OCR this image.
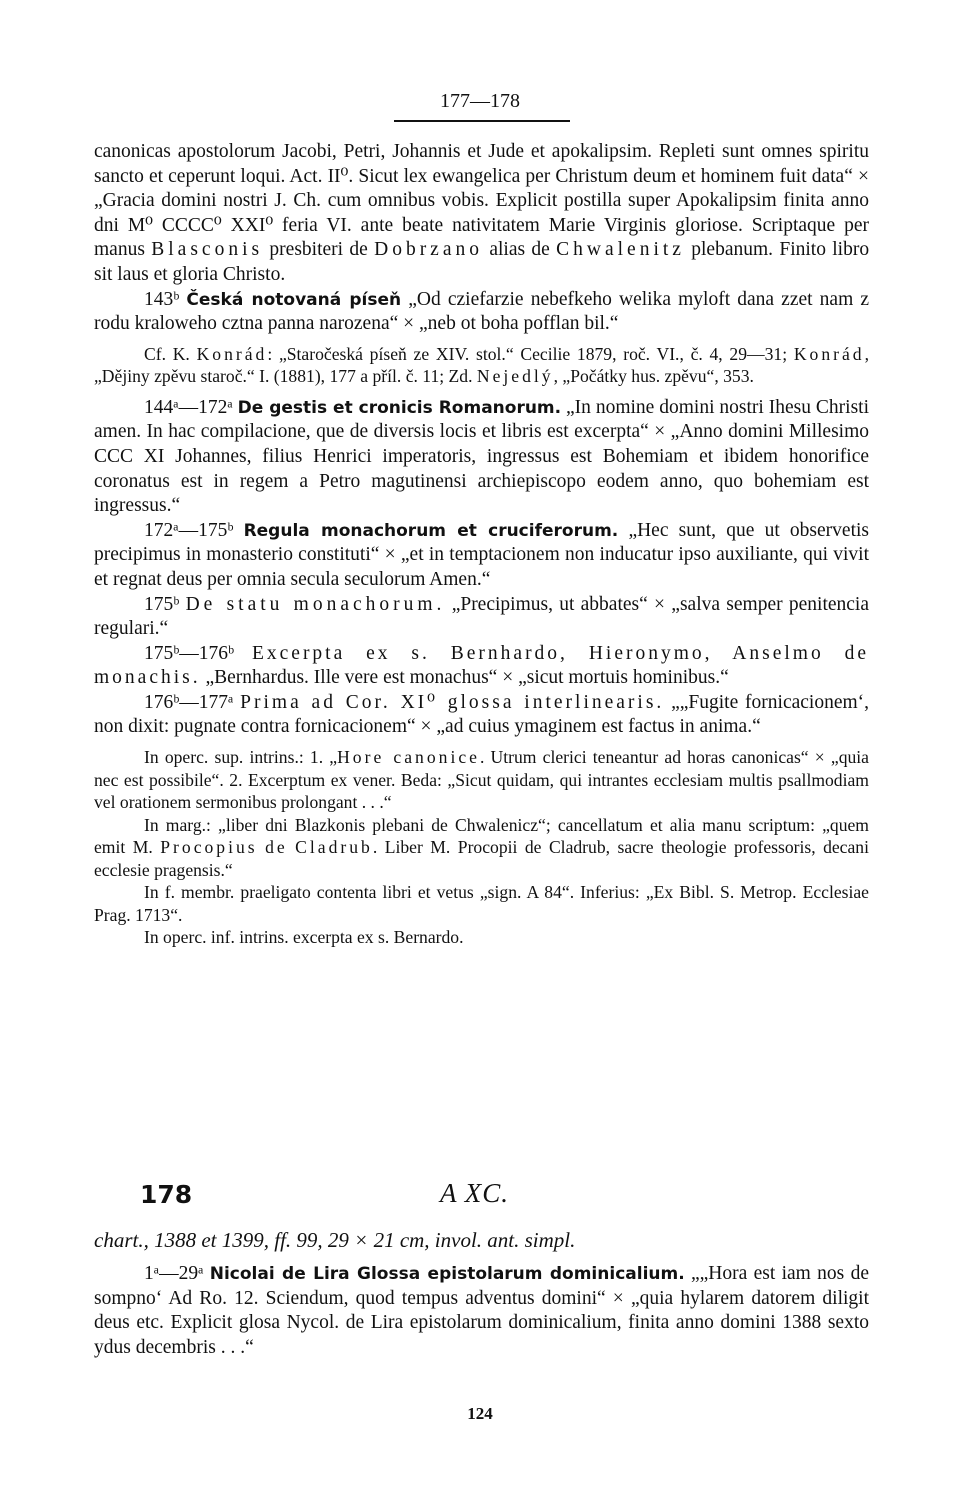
177—178

canonicas apostolorum Jacobi, Petri, Johannis et Jude et apokalipsim. Repleti sunt omnes spiritu sancto et ceperunt loqui. Act. II⁰. Sicut lex ewangelica per Christum deum et hominem fuit data“ × „Gracia domini nostri J. Ch. cum omnibus vobis. Explicit postilla super Apokalipsim finita anno dni M⁰ CCCC⁰ XXI⁰ feria VI. ante beate nativitatem Marie Virginis gloriose. Scriptaque per manus Blasconis presbiteri de Dobrzano alias de Chwalenitz plebanum. Finito libro sit laus et gloria Christo.

143ᵇ Česká notovaná píseň „Od cziefarzie nebefkeho welika myloft dana zzet nam z rodu kraloweho cztna panna narozena“ × „neb ot boha pofflan bil.“

Cf. K. Konrád: „Staročeská píseň ze XIV. stol.“ Cecilie 1879, roč. VI., č. 4, 29—31; Konrád, „Dějiny zpěvu staroč.“ I. (1881), 177 a příl. č. 11; Zd. Nejedlý, „Počátky hus. zpěvu“, 353.

144ᵃ—172ᵃ De gestis et cronicis Romanorum. „In nomine domini nostri Ihesu Christi amen. In hac compilacione, que de diversis locis et libris est excerpta“ × „Anno domini Millesimo CCC XI Johannes, filius Henrici imperatoris, ingressus est Bohemiam et ibidem honorifice coronatus est in regem a Petro magutinensi archiepiscopo eodem anno, quo bohemiam est ingressus.“

172ᵃ—175ᵇ Regula monachorum et cruciferorum. „Hec sunt, que ut observetis precipimus in monasterio constituti“ × „et in temptacionem non inducatur ipso auxiliante, qui vivit et regnat deus per omnia secula seculorum Amen.“

175ᵇ De statu monachorum. „Precipimus, ut abbates“ × „salva semper penitencia regulari.“

175ᵇ—176ᵇ Excerpta ex s. Bernhardo, Hieronymo, Anselmo de monachis. „Bernhardus. Ille vere est monachus“ × „sicut mortuis hominibus.“

176ᵇ—177ᵃ Prima ad Cor. XI⁰ glossa interlinearis. „„Fugite fornicacionem‘, non dixit: pugnate contra fornicacionem“ × „ad cuius ymaginem est factus in anima.“

In operc. sup. intrins.: 1. „Hore canonice. Utrum clerici teneantur ad horas canonicas“ × „quia nec est possibile“. 2. Excerptum ex vener. Beda: „Sicut quidam, qui intrantes ecclesiam multis psallmodiam vel orationem sermonibus prolongant . . .“

In marg.: „liber dni Blazkonis plebani de Chwalenicz“; cancellatum et alia manu scriptum: „quem emit M. Procopius de Cladrub. Liber M. Procopii de Cladrub, sacre theologie professoris, decani ecclesie pragensis.“

In f. membr. praeligato contenta libri et vetus „sign. A 84“. Inferius: „Ex Bibl. S. Metrop. Ecclesiae Prag. 1713“.

In operc. inf. intrins. excerpta ex s. Bernardo.

178	A XC.
chart., 1388 et 1399, ff. 99, 29 × 21 cm, invol. ant. simpl.

1ᵃ—29ᵃ Nicolai de Lira Glossa epistolarum dominicalium. „„Hora est iam nos de sompno‘ Ad Ro. 12. Sciendum, quod tempus adventus domini“ × „quia hylarem datorem diligit deus etc. Explicit glosa Nycol. de Lira epistolarum dominicalium, finita anno domini 1388 sexto ydus decembris . . .“

124
